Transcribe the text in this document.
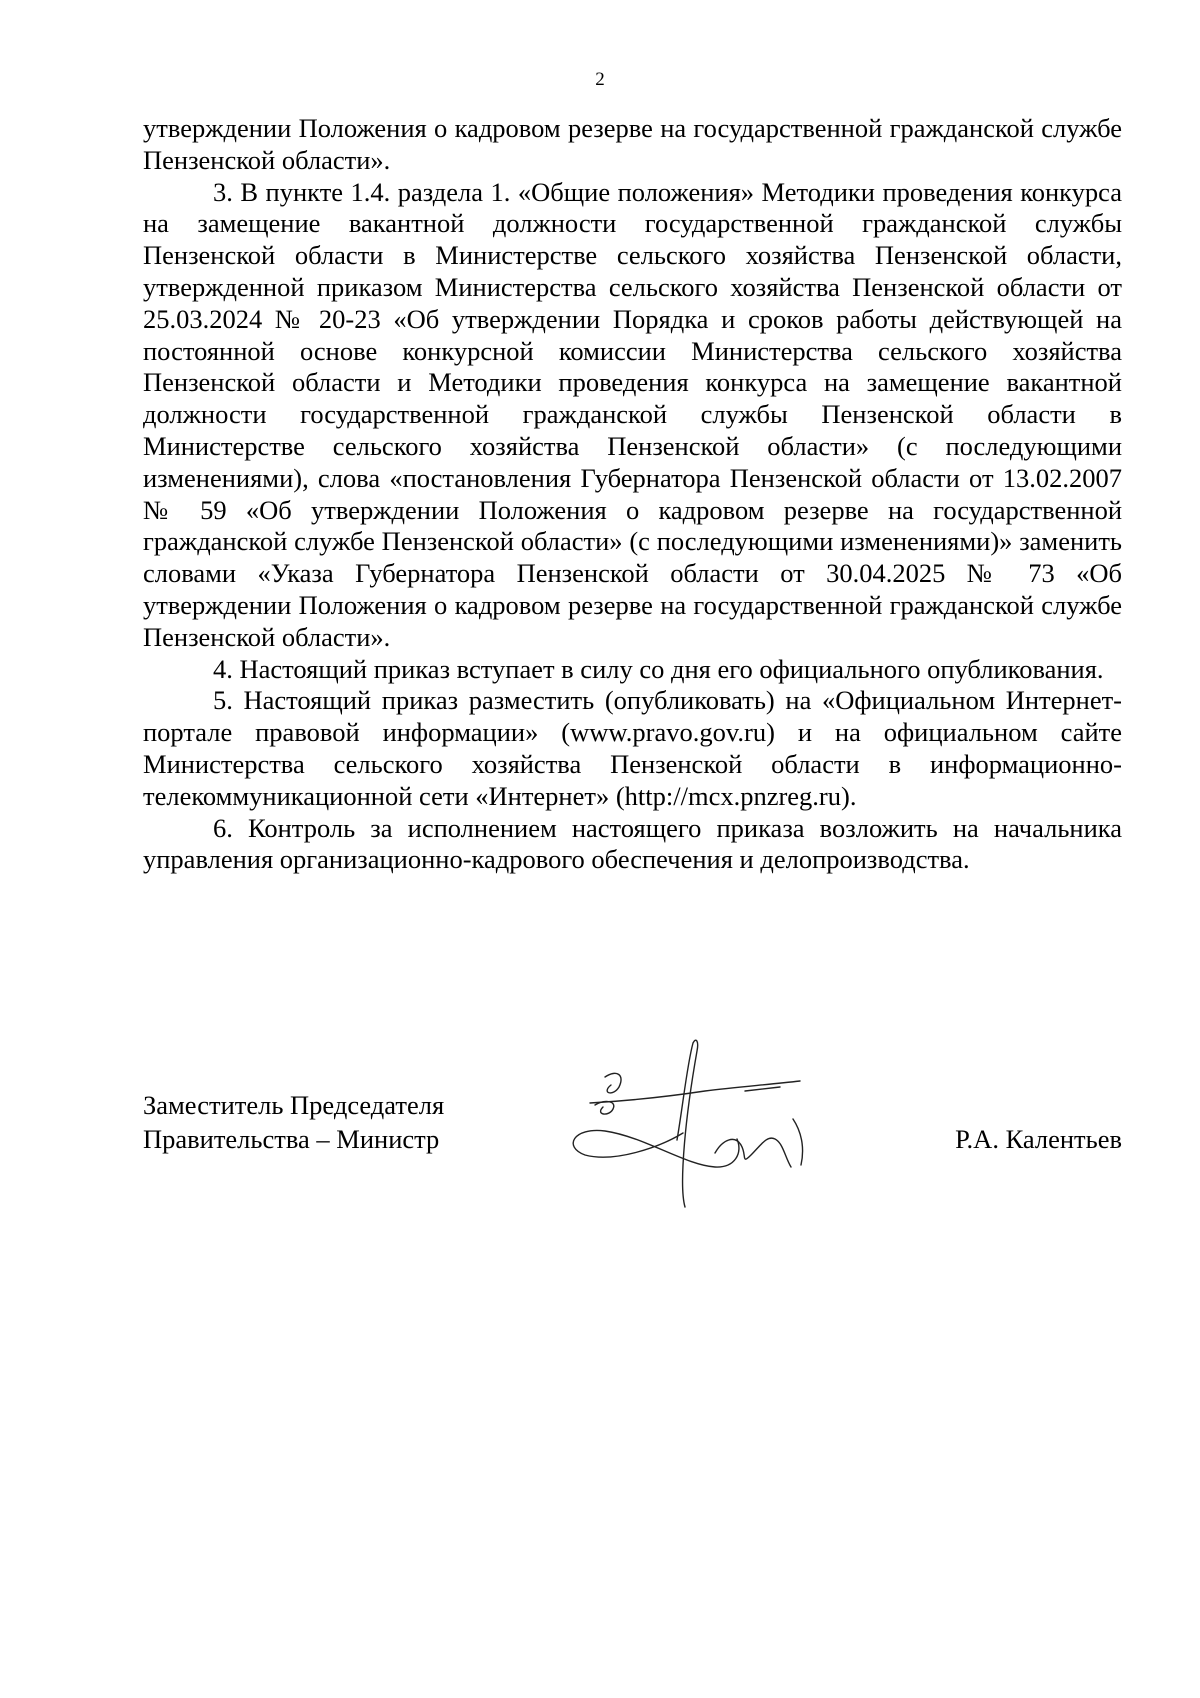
2

утверждении Положения о кадровом резерве на государственной гражданской службе Пензенской области».

3. В пункте 1.4. раздела 1. «Общие положения» Методики проведения конкурса на замещение вакантной должности государственной гражданской службы Пензенской области в Министерстве сельского хозяйства Пензенской области, утвержденной приказом Министерства сельского хозяйства Пензенской области от 25.03.2024 № 20-23 «Об утверждении Порядка и сроков работы действующей на постоянной основе конкурсной комиссии Министерства сельского хозяйства Пензенской области и Методики проведения конкурса на замещение вакантной должности государственной гражданской службы Пензенской области в Министерстве сельского хозяйства Пензенской области» (с последующими изменениями), слова «постановления Губернатора Пензенской области от 13.02.2007 № 59 «Об утверждении Положения о кадровом резерве на государственной гражданской службе Пензенской области» (с последующими изменениями)» заменить словами «Указа Губернатора Пензенской области от 30.04.2025 № 73 «Об утверждении Положения о кадровом резерве на государственной гражданской службе Пензенской области».

4. Настоящий приказ вступает в силу со дня его официального опубликования.

5. Настоящий приказ разместить (опубликовать) на «Официальном Интернет-портале правовой информации» (www.pravo.gov.ru) и на официальном сайте Министерства сельского хозяйства Пензенской области в информационно-телекоммуникационной сети «Интернет» (http://mcx.pnzreg.ru).

6. Контроль за исполнением настоящего приказа возложить на начальника управления организационно-кадрового обеспечения и делопроизводства.

Заместитель Председателя
Правительства – Министр	Р.А. Калентьев
